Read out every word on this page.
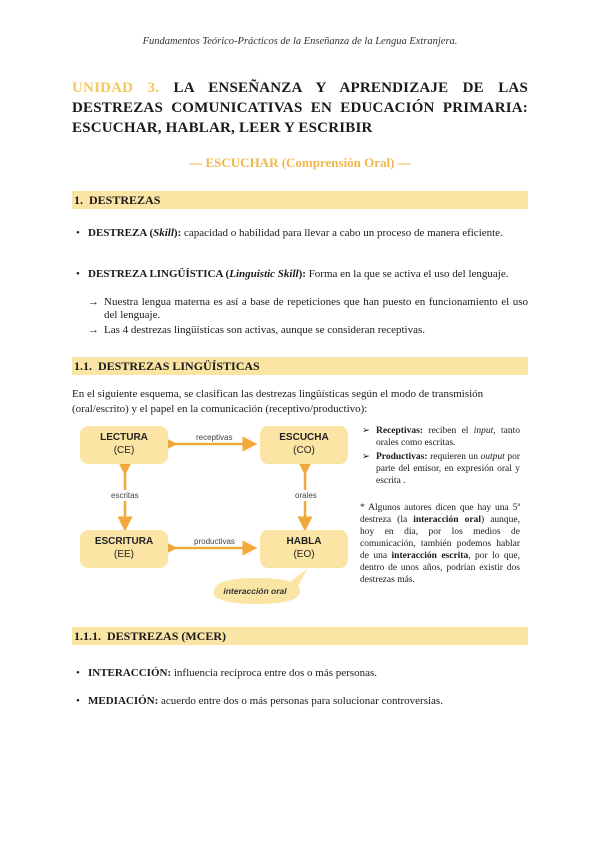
Fundamentos Teórico-Prácticos de la Enseñanza de la Lengua Extranjera.
UNIDAD 3. LA ENSEÑANZA Y APRENDIZAJE DE LAS DESTREZAS COMUNICATIVAS EN EDUCACIÓN PRIMARIA: ESCUCHAR, HABLAR, LEER Y ESCRIBIR
— ESCUCHAR (Comprensión Oral) —
1. DESTREZAS
• DESTREZA (Skill): capacidad o habilidad para llevar a cabo un proceso de manera eficiente.
• DESTREZA LINGÜÍSTICA (Linguistic Skill): Forma en la que se activa el uso del lenguaje.
→ Nuestra lengua materna es así a base de repeticiones que han puesto en funcionamiento el uso del lenguaje.
→ Las 4 destrezas lingüísticas son activas, aunque se consideran receptivas.
1.1. DESTREZAS LINGÜÍSTICAS
En el siguiente esquema, se clasifican las destrezas lingüísticas según el modo de transmisión (oral/escrito) y el papel en la comunicación (receptivo/productivo):
LECTURA
(CE)
ESCUCHA
(CO)
ESCRITURA
(EE)
HABLA
(EO)
receptivas
productivas
escritas	orales
interacción oral
➢ Receptivas: reciben el input, tanto orales como escritas.
➢ Productivas: requieren un output por parte del emisor, en expresión oral y escrita .
* Algunos autores dicen que hay una 5ª destreza (la interacción oral) aunque, hoy en día, por los medios de comunicación, también podemos hablar de una interacción escrita, por lo que, dentro de unos años, podrían existir dos destrezas más.
1.1.1. DESTREZAS (MCER)
• INTERACCIÓN: influencia recíproca entre dos o más personas.
• MEDIACIÓN: acuerdo entre dos o más personas para solucionar controversias.
